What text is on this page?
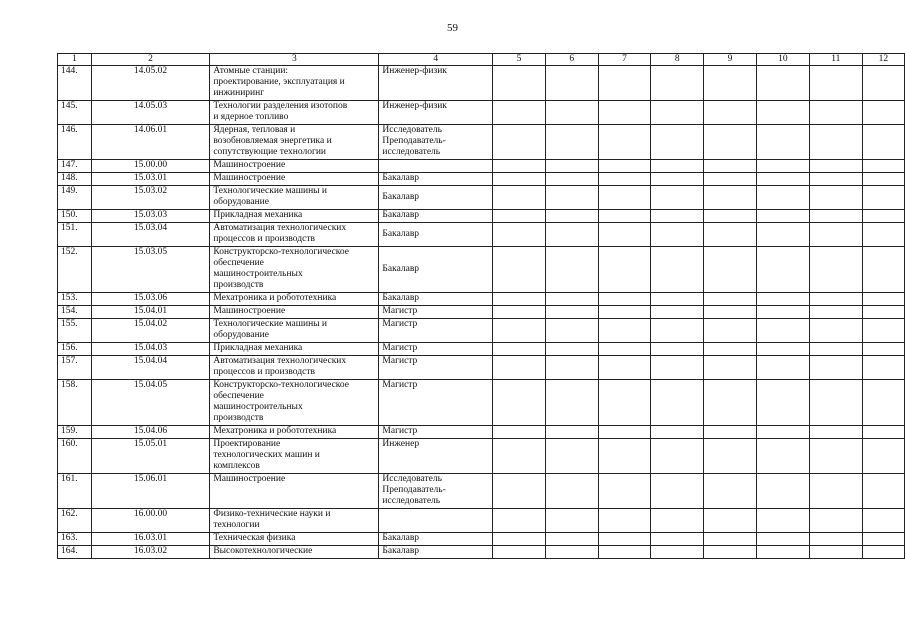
59
1	2	3	4	5	6	7	8	9	10	11	12
144.	14.05.02	Атомные станции:
проектирование, эксплуатация и
инжиниринг	Инженер-физик								
145.	14.05.03	Технологии разделения изотопов
и ядерное топливо	Инженер-физик								
146.	14.06.01	Ядерная, тепловая и
возобновляемая энергетика и
сопутствующие технологии	Исследователь
Преподаватель-
исследователь								
147.	15.00.00	Машиностроение									
148.	15.03.01	Машиностроение	Бакалавр								
149.	15.03.02	Технологические машины и
оборудование	Бакалавр								
150.	15.03.03	Прикладная механика	Бакалавр								
151.	15.03.04	Автоматизация технологических
процессов и производств	Бакалавр								
152.	15.03.05	Конструкторско-технологическое
обеспечение
машиностроительных
производств	Бакалавр								
153.	15.03.06	Мехатроника и робототехника	Бакалавр								
154.	15.04.01	Машиностроение	Магистр								
155.	15.04.02	Технологические машины и
оборудование	Магистр								
156.	15.04.03	Прикладная механика	Магистр								
157.	15.04.04	Автоматизация технологических
процессов и производств	Магистр								
158.	15.04.05	Конструкторско-технологическое
обеспечение
машиностроительных
производств	Магистр								
159.	15.04.06	Мехатроника и робототехника	Магистр								
160.	15.05.01	Проектирование
технологических машин и
комплексов	Инженер								
161.	15.06.01	Машиностроение	Исследователь
Преподаватель-
исследователь								
162.	16.00.00	Физико-технические науки и
технологии									
163.	16.03.01	Техническая физика	Бакалавр								
164.	16.03.02	Высокотехнологические	Бакалавр								
